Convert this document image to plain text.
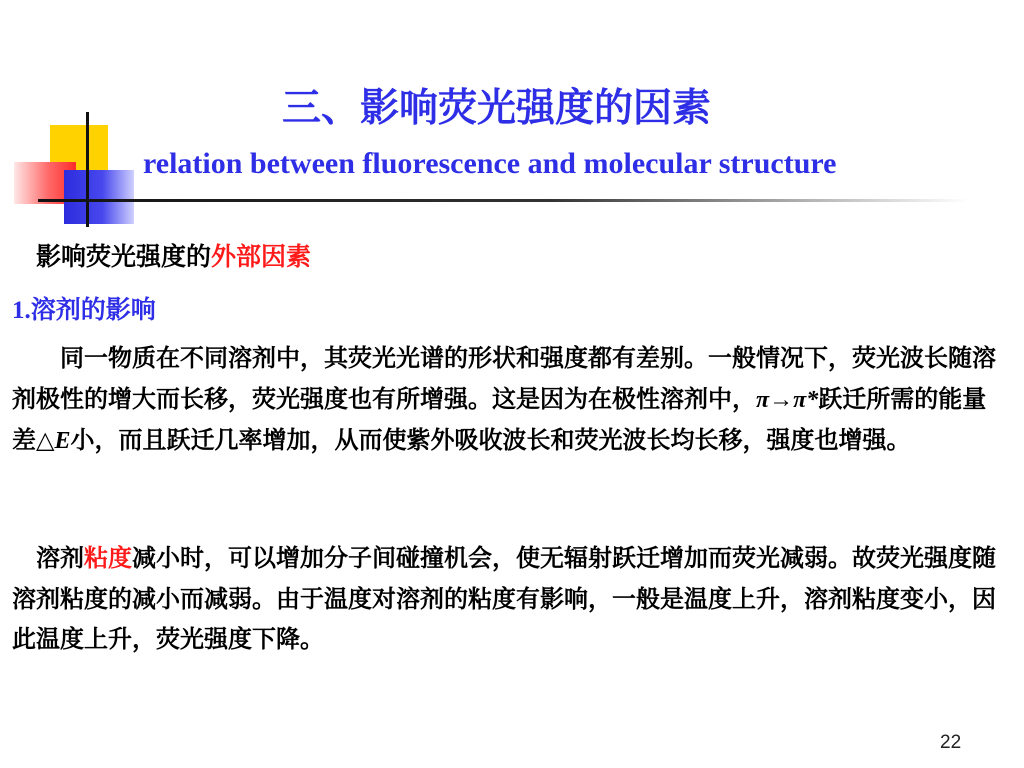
三、影响荧光强度的因素
relation between fluorescence and molecular structure
影响荧光强度的外部因素
1.溶剂的影响

　　同一物质在不同溶剂中，其荧光光谱的形状和强度都有差别。一般情况下，荧光波长随溶剂极性的增大而长移，荧光强度也有所增强。这是因为在极性溶剂中，π→π*跃迁所需的能量差△E小，而且跃迁几率增加，从而使紫外吸收波长和荧光波长均长移，强度也增强。

　溶剂粘度减小时，可以增加分子间碰撞机会，使无辐射跃迁增加而荧光减弱。故荧光强度随溶剂粘度的减小而减弱。由于温度对溶剂的粘度有影响，一般是温度上升，溶剂粘度变小，因此温度上升，荧光强度下降。

22
